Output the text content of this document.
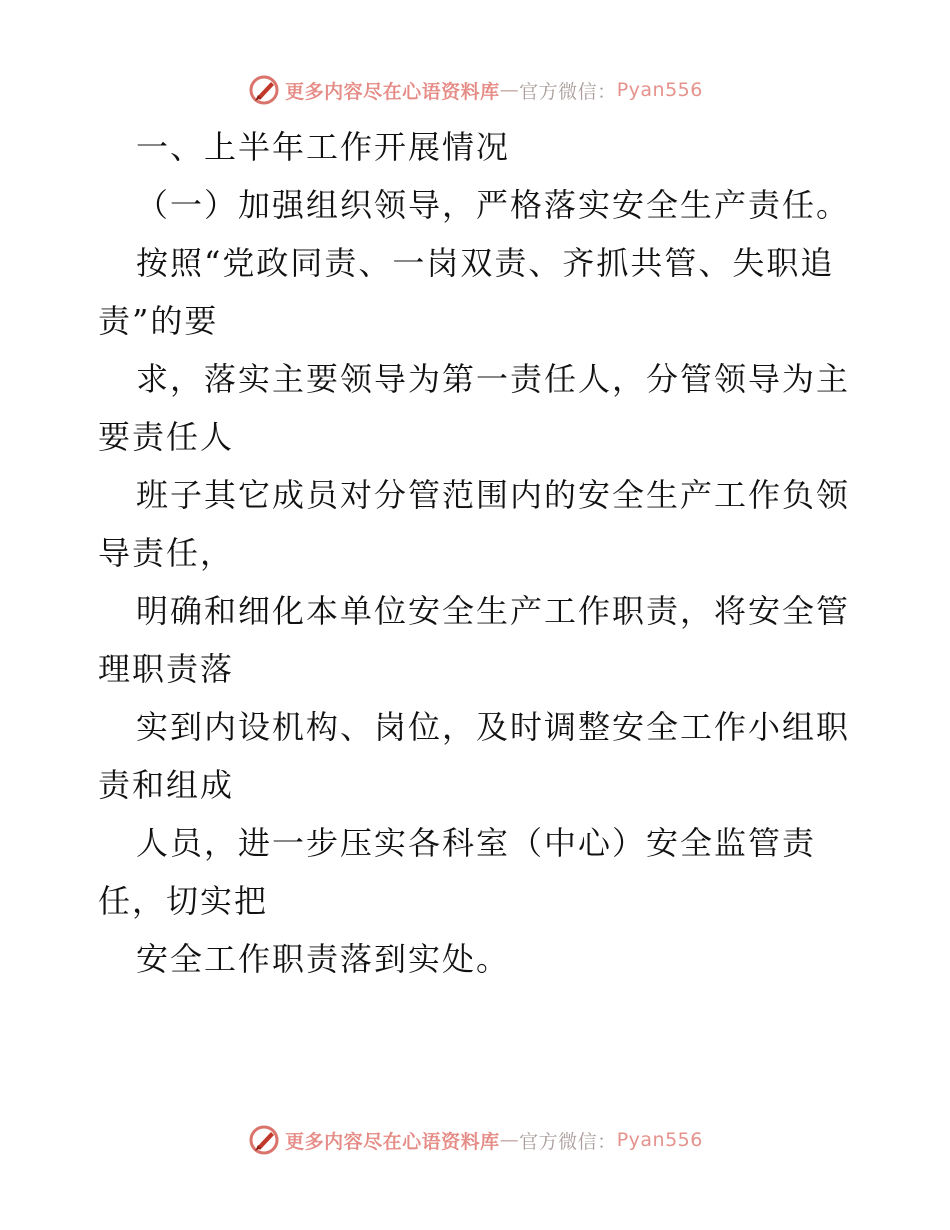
更多内容尽在心语资料库 — 官方微信： Pyan556
一、上半年工作开展情况
（一）加强组织领导，严格落实安全生产责任。
按照“党政同责、一岗双责、齐抓共管、失职追
责”的要
求，落实主要领导为第一责任人，分管领导为主
要责任人
班子其它成员对分管范围内的安全生产工作负领
导责任，
明确和细化本单位安全生产工作职责，将安全管
理职责落
实到内设机构、岗位，及时调整安全工作小组职
责和组成
人员，进一步压实各科室（中心）安全监管责
任，切实把
安全工作职责落到实处。
更多内容尽在心语资料库 — 官方微信： Pyan556
